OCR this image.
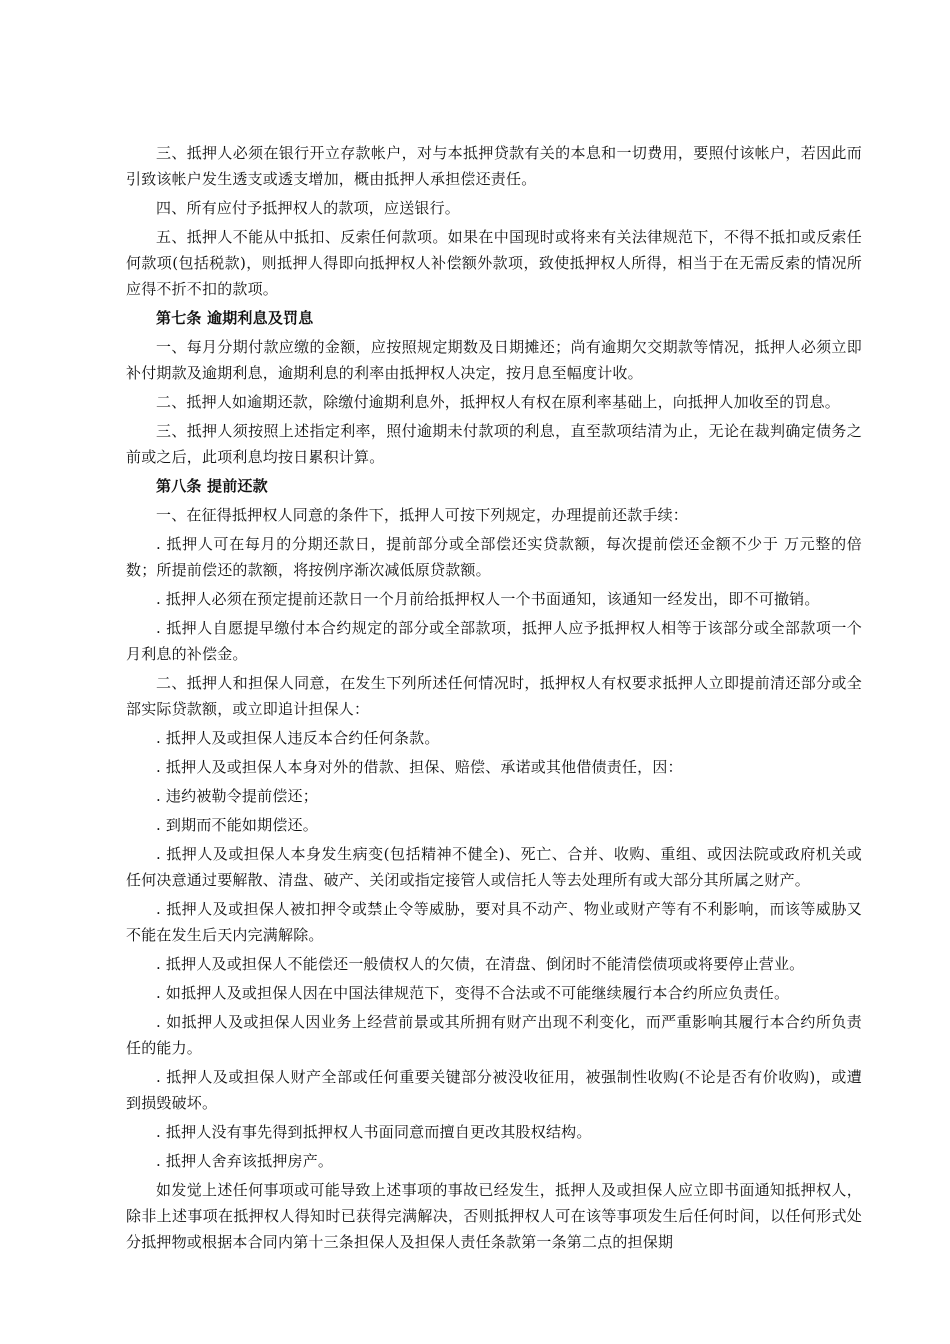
三、抵押人必须在银行开立存款帐户，对与本抵押贷款有关的本息和一切费用，要照付该帐户，若因此而引致该帐户发生透支或透支增加，概由抵押人承担偿还责任。

四、所有应付予抵押权人的款项，应送银行。

五、抵押人不能从中抵扣、反索任何款项。如果在中国现时或将来有关法律规范下，不得不抵扣或反索任何款项(包括税款)，则抵押人得即向抵押权人补偿额外款项，致使抵押权人所得，相当于在无需反索的情况所应得不折不扣的款项。

第七条 逾期利息及罚息

一、每月分期付款应缴的金额，应按照规定期数及日期摊还；尚有逾期欠交期款等情况，抵押人必须立即补付期款及逾期利息，逾期利息的利率由抵押权人决定，按月息至幅度计收。

二、抵押人如逾期还款，除缴付逾期利息外，抵押权人有权在原利率基础上，向抵押人加收至的罚息。

三、抵押人须按照上述指定利率，照付逾期未付款项的利息，直至款项结清为止，无论在裁判确定债务之前或之后，此项利息均按日累积计算。

第八条 提前还款

一、在征得抵押权人同意的条件下，抵押人可按下列规定，办理提前还款手续：

. 抵押人可在每月的分期还款日，提前部分或全部偿还实贷款额，每次提前偿还金额不少于 万元整的倍数；所提前偿还的款额，将按例序渐次减低原贷款额。

. 抵押人必须在预定提前还款日一个月前给抵押权人一个书面通知，该通知一经发出，即不可撤销。

. 抵押人自愿提早缴付本合约规定的部分或全部款项，抵押人应予抵押权人相等于该部分或全部款项一个月利息的补偿金。

二、抵押人和担保人同意，在发生下列所述任何情况时，抵押权人有权要求抵押人立即提前清还部分或全部实际贷款额，或立即追计担保人：

. 抵押人及或担保人违反本合约任何条款。

. 抵押人及或担保人本身对外的借款、担保、赔偿、承诺或其他借债责任，因：

. 违约被勒令提前偿还；

. 到期而不能如期偿还。

. 抵押人及或担保人本身发生病变(包括精神不健全)、死亡、合并、收购、重组、或因法院或政府机关或任何决意通过要解散、清盘、破产、关闭或指定接管人或信托人等去处理所有或大部分其所属之财产。

. 抵押人及或担保人被扣押令或禁止令等威胁，要对具不动产、物业或财产等有不利影响，而该等威胁又不能在发生后天内完满解除。

. 抵押人及或担保人不能偿还一般债权人的欠债，在清盘、倒闭时不能清偿债项或将要停止营业。

. 如抵押人及或担保人因在中国法律规范下，变得不合法或不可能继续履行本合约所应负责任。

. 如抵押人及或担保人因业务上经营前景或其所拥有财产出现不利变化，而严重影响其履行本合约所负责任的能力。

. 抵押人及或担保人财产全部或任何重要关键部分被没收征用，被强制性收购(不论是否有价收购)，或遭到损毁破坏。

. 抵押人没有事先得到抵押权人书面同意而擅自更改其股权结构。

. 抵押人舍弃该抵押房产。

如发觉上述任何事项或可能导致上述事项的事故已经发生，抵押人及或担保人应立即书面通知抵押权人，除非上述事项在抵押权人得知时已获得完满解决，否则抵押权人可在该等事项发生后任何时间，以任何形式处分抵押物或根据本合同内第十三条担保人及担保人责任条款第一条第二点的担保期
